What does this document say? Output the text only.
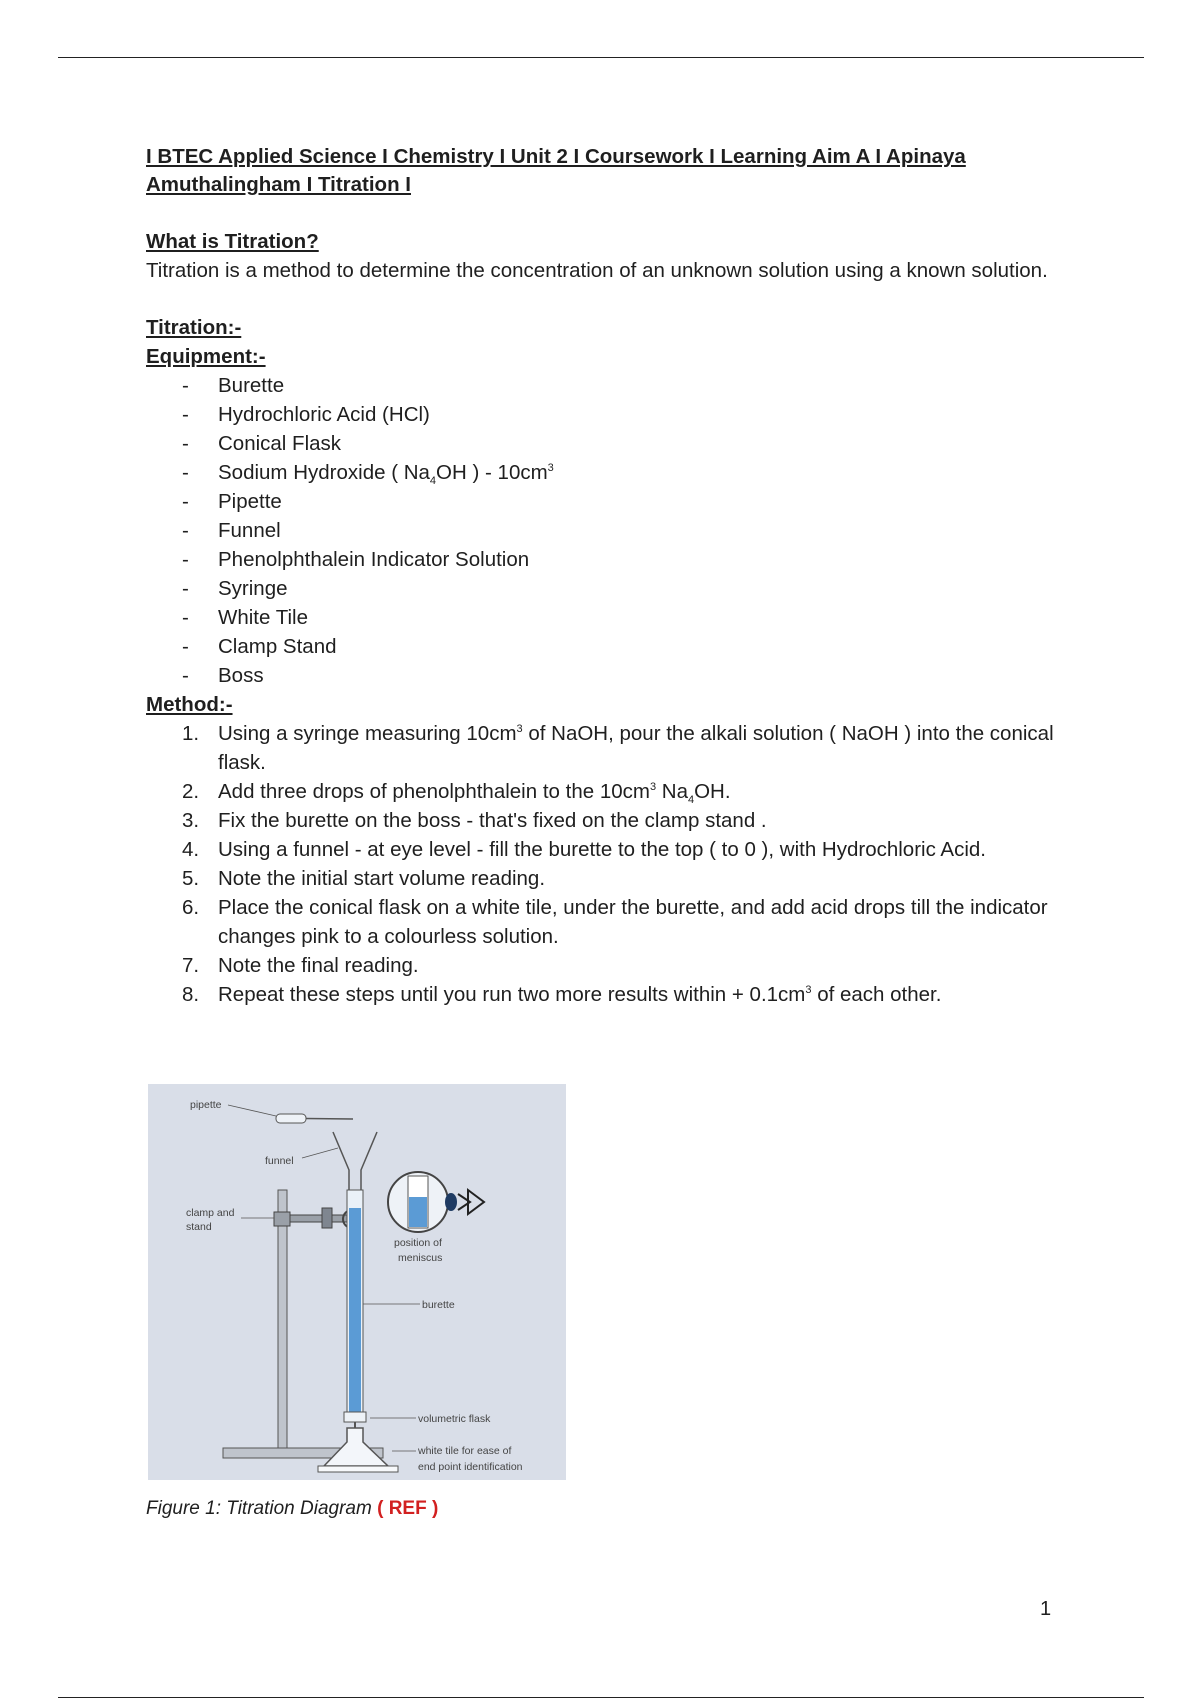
I BTEC Applied Science I Chemistry I Unit 2 I Coursework I Learning Aim A I Apinaya Amuthalingham I Titration I

What is Titration?

Titration is a method to determine the concentration of an unknown solution using a known solution.

Titration:-
Equipment:-
- Burette
- Hydrochloric Acid (HCl)
- Conical Flask
- Sodium Hydroxide ( $Na_4OH$ ) - $10cm^3$
- Pipette
- Funnel
- Phenolphthalein Indicator Solution
- Syringe
- White Tile
- Clamp Stand
- Boss
Method:-
1. Using a syringe measuring $10cm^3$ of NaOH, pour the alkali solution ( NaOH ) into the conical flask.
2. Add three drops of phenolphthalein to the $10cm^3$ $Na_4OH$.
3. Fix the burette on the boss - that's fixed on the clamp stand .
4. Using a funnel - at eye level - fill the burette to the top ( to 0 ), with Hydrochloric Acid.
5. Note the initial start volume reading.
6. Place the conical flask on a white tile, under the burette, and add acid drops till the indicator changes pink to a colourless solution.
7. Note the final reading.
8. Repeat these steps until you run two more results within + $0.1cm^3$ of each other.
pipette
clamp and
stand
funnel
burette
position of
meniscus
volumetric flask
white tile for ease of
end point identification
Figure 1: Titration Diagram ( REF )
1
